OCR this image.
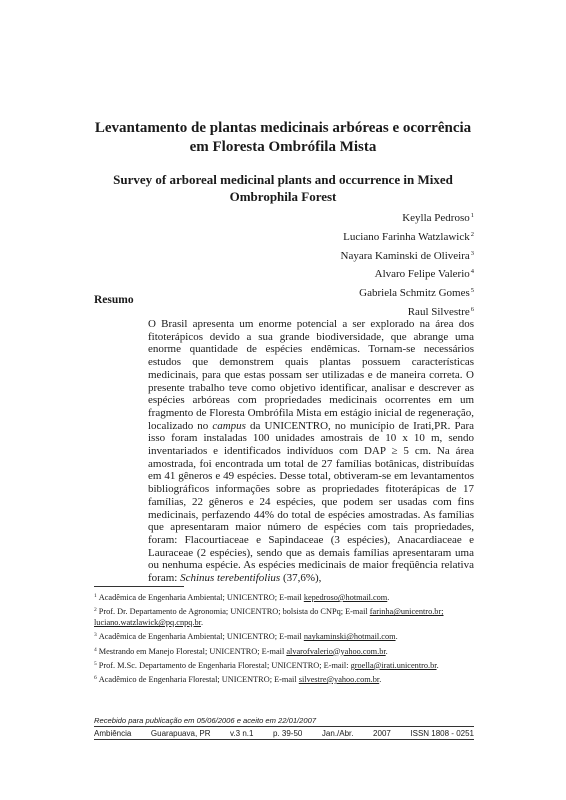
Levantamento de plantas medicinais arbóreas e ocorrência em Floresta Ombrófila Mista
Survey of arboreal medicinal plants and occurrence in Mixed Ombrophila Forest
Keylla Pedroso$^1$
Luciano Farinha Watzlawick$^2$
Nayara Kaminski de Oliveira$^3$
Alvaro Felipe Valerio$^4$
Gabriela Schmitz Gomes$^5$
Raul Silvestre$^6$
Resumo
O Brasil apresenta um enorme potencial a ser explorado na área dos fitoterápicos devido a sua grande biodiversidade, que abrange uma enorme quantidade de espécies endêmicas. Tornam-se necessários estudos que demonstrem quais plantas possuem características medicinais, para que estas possam ser utilizadas e de maneira correta. O presente trabalho teve como objetivo identificar, analisar e descrever as espécies arbóreas com propriedades medicinais ocorrentes em um fragmento de Floresta Ombrófila Mista em estágio inicial de regeneração, localizado no campus da UNICENTRO, no município de Irati,PR. Para isso foram instaladas 100 unidades amostrais de 10 x 10 m, sendo inventariados e identificados indivíduos com DAP ≥ 5 cm. Na área amostrada, foi encontrada um total de 27 famílias botânicas, distribuídas em 41 gêneros e 49 espécies. Desse total, obtiveram-se em levantamentos bibliográficos informações sobre as propriedades fitoterápicas de 17 famílias, 22 gêneros e 24 espécies, que podem ser usadas com fins medicinais, perfazendo 44% do total de espécies amostradas. As famílias que apresentaram maior número de espécies com tais propriedades, foram: Flacourtiaceae e Sapindaceae (3 espécies), Anacardiaceae e Lauraceae (2 espécies), sendo que as demais famílias apresentaram uma ou nenhuma espécie. As espécies medicinais de maior freqüência relativa foram: Schinus terebentifolius (37,6%),
$^1$ Acadêmica de Engenharia Ambiental; UNICENTRO; E-mail kepedroso@hotmail.com.
$^2$ Prof. Dr. Departamento de Agronomia; UNICENTRO; bolsista do CNPq; E-mail farinha@unicentro.br; luciano.watzlawick@pq.cnpq.br.
$^3$ Acadêmica de Engenharia Ambiental; UNICENTRO; E-mail naykaminski@hotmail.com.
$^4$ Mestrando em Manejo Florestal; UNICENTRO; E-mail alvarofvalerio@yahoo.com.br.
$^5$ Prof. M.Sc. Departamento de Engenharia Florestal; UNICENTRO; E-mail: groella@irati.unicentro.br.
$^6$ Acadêmico de Engenharia Florestal; UNICENTRO; E-mail silvestre@yahoo.com.br.
Recebido para publicação em 05/06/2006 e aceito em 22/01/2007
Ambiência Guarapuava, PR v.3 n.1 p. 39-50 Jan./Abr. 2007 ISSN 1808 - 0251
